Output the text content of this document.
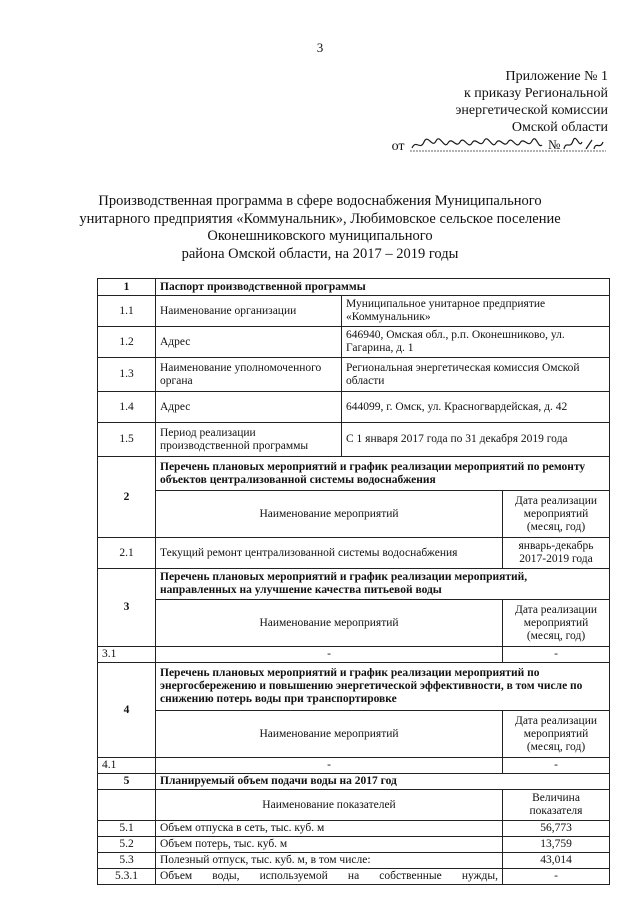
3
Приложение № 1
к приказу Региональной
энергетической комиссии
Омской области
от	№
Производственная программа в сфере водоснабжения Муниципального
унитарного предприятия «Коммунальник», Любимовское сельское поселение
Оконешниковского муниципального
района Омской области, на 2017 – 2019 годы
1	Паспорт производственной программы		
1.1	Наименование организации	Муниципальное унитарное предприятие «Коммунальник»	
1.2	Адрес	646940, Омская обл., р.п. Оконешниково, ул. Гагарина, д. 1	
1.3	Наименование уполномоченного органа	Региональная энергетическая комиссия Омской области	
1.4	Адрес	644099, г. Омск, ул. Красногвардейская, д. 42	
1.5	Период реализации производственной программы	С 1 января 2017 года по 31 декабря 2019 года	
2	Перечень плановых мероприятий и график реализации мероприятий по ремонту объектов централизованной системы водоснабжения		
	Наименование мероприятий		Дата реализации мероприятий (месяц, год)
2.1	Текущий ремонт централизованной системы водоснабжения		январь-декабрь 2017-2019 года
3	Перечень плановых мероприятий и график реализации мероприятий, направленных на улучшение качества питьевой воды		
	Наименование мероприятий		Дата реализации мероприятий (месяц, год)
3.1	-		-
4	Перечень плановых мероприятий и график реализации мероприятий по энергосбережению и повышению энергетической эффективности, в том числе по снижению потерь воды при транспортировке		
	Наименование мероприятий		Дата реализации мероприятий (месяц, год)
4.1	-		-
5	Планируемый объем подачи воды на 2017 год		
	Наименование показателей		Величина показателя
5.1	Объем отпуска в сеть, тыс. куб. м		56,773
5.2	Объем потерь, тыс. куб. м		13,759
5.3	Полезный отпуск, тыс. куб. м, в том числе:		43,014
5.3.1	Объем воды, используемой на собственные нужды,		-
